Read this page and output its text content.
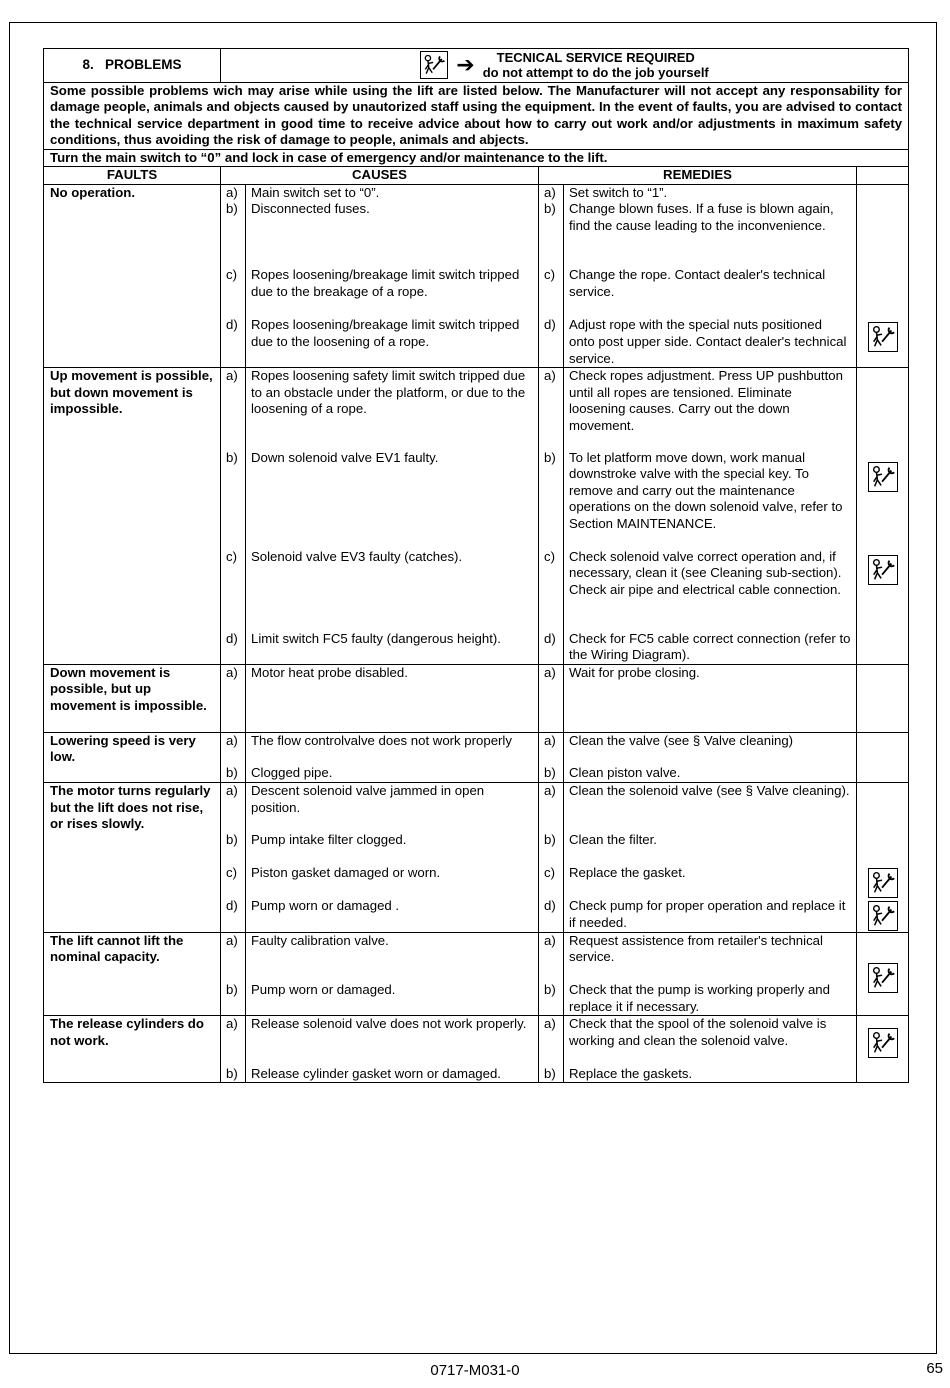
8. PROBLEMS	➔ TECNICAL SERVICE REQUIRED
do not attempt to do the job yourself				

Some possible problems wich may arise while using the lift are listed below. The Manufacturer will not accept any responsability for damage people, animals and objects caused by unautorized staff using the equipment. In the event of faults, you are advised to contact the technical service department in good time to receive advice about how to carry out work and/or adjustments in maximum safety conditions, thus avoiding the risk of damage to people, animals and abjects.					
Turn the main switch to “0” and lock in case of emergency and/or maintenance to the lift.					
FAULTS	CAUSES		REMEDIES		
No operation.	a)	Main switch set to “0”.	a)	Set switch to “1”.	

	b)	Disconnected fuses.	b)	Change blown fuses. If a fuse is blown again, find the cause leading to the inconvenience.	
	c)	Ropes loosening/breakage limit switch tripped due to the breakage of a rope.	c)	Change the rope. Contact dealer's technical service.	
	d)	Ropes loosening/breakage limit switch tripped due to the loosening of a rope.	d)	Adjust rope with the special nuts positioned onto post upper side. Contact dealer's technical service.	
Up movement is possible, but down movement is impossible.	a)	Ropes loosening safety limit switch tripped due to an obstacle under the platform, or due to the loosening of a rope.	a)	Check ropes adjustment. Press UP pushbutton until all ropes are tensioned. Eliminate loosening causes. Carry out the down movement.	

	b)	Down solenoid valve EV1 faulty.	b)	To let platform move down, work manual downstroke valve with the special key. To remove and carry out the maintenance operations on the down solenoid valve, refer to Section MAINTENANCE.	
	c)	Solenoid valve EV3 faulty (catches).	c)	Check solenoid valve correct operation and, if necessary, clean it (see Cleaning sub-section). Check air pipe and electrical cable connection.	
	d)	Limit switch FC5 faulty (dangerous height).	d)	Check for FC5 cable correct connection (refer to the Wiring Diagram).	
Down movement is possible, but up movement is impossible.	a)	Motor heat probe disabled.	a)	Wait for probe closing.	

Lowering speed is very low.	a)	The flow controlvalve does not work properly	a)	Clean the valve (see § Valve cleaning)	

	b)	Clogged pipe.	b)	Clean piston valve.	
The motor turns regularly but the lift does not rise, or rises slowly.	a)	Descent solenoid valve jammed in open position.	a)	Clean the solenoid valve (see § Valve cleaning).	

	b)	Pump intake filter clogged.	b)	Clean the filter.	
	c)	Piston gasket damaged or worn.	c)	Replace the gasket.	
	d)	Pump worn or damaged .	d)	Check pump for proper operation and replace it if needed.	
The lift cannot lift the nominal capacity.	a)	Faulty calibration valve.	a)	Request assistence from retailer's technical service.	

	b)	Pump worn or damaged.	b)	Check that the pump is working properly and replace it if necessary.	
The release cylinders do not work.	a)	Release solenoid valve does not work properly.	a)	Check that the spool of the solenoid valve is working and clean the solenoid valve.	

	b)	Release cylinder gasket worn or damaged.	b)	Replace the gaskets.	
0717-M031-0	65
